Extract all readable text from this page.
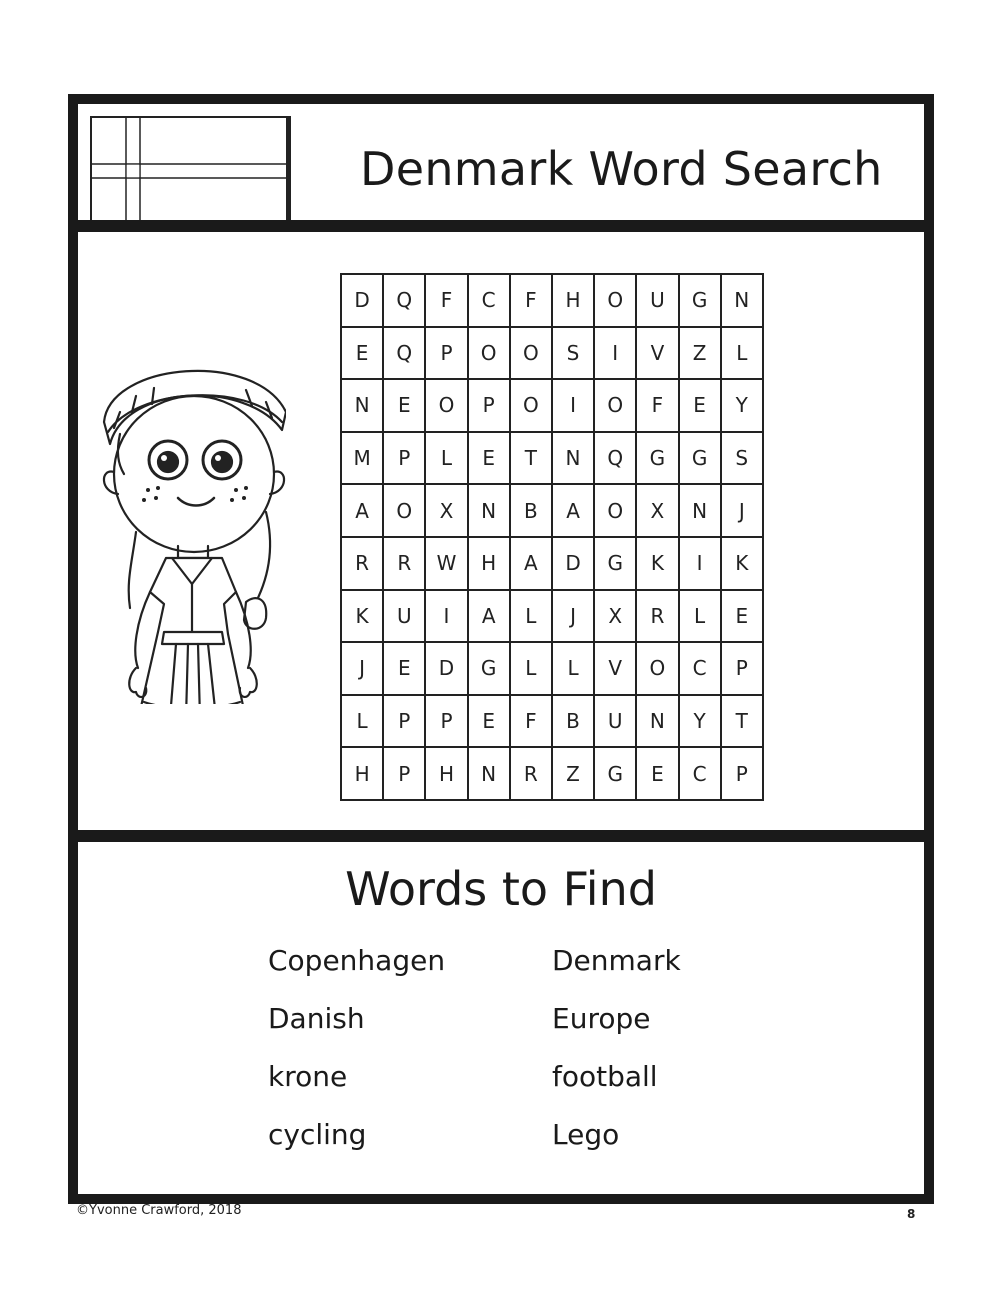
Denmark Word Search
D	Q	F	C	F	H	O	U	G	N
E	Q	P	O	O	S	I	V	Z	L
N	E	O	P	O	I	O	F	E	Y
M	P	L	E	T	N	Q	G	G	S
A	O	X	N	B	A	O	X	N	J
R	R	W	H	A	D	G	K	I	K
K	U	I	A	L	J	X	R	L	E
J	E	D	G	L	L	V	O	C	P
L	P	P	E	F	B	U	N	Y	T
H	P	H	N	R	Z	G	E	C	P
Words to Find
Copenhagen	Denmark
Danish	Europe
krone	football
cycling	Lego
©Yvonne Crawford, 2018	8
